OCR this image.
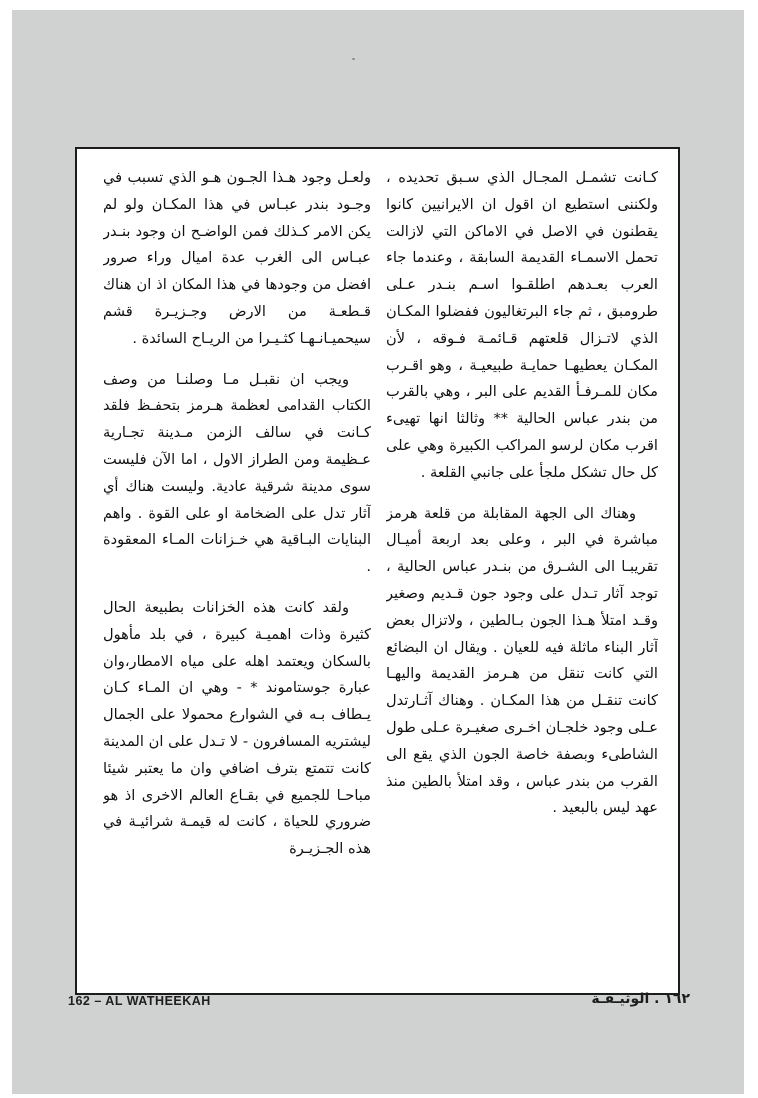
كـانت تشمـل المجـال الذي سـبق تحديده ، ولكننى استطيع ان اقول ان الايرانيين كانوا يقطنون في الاصل في الاماكن التي لازالت تحمل الاسمـاء القديمة السابقة ، وعندما جاء العرب بعـدهم اطلقـوا اسـم بنـدر عـلى طرومبق ، ثم جاء البرتغاليون ففضلوا المكـان الذي لاتـزال قلعتهم قـائمـة فـوقه ، لأن المكـان يعطيهـا حمايـة طبيعيـة ، وهو اقـرب مكان للمـرفـأ القديم على البر ، وهي بالقرب من بندر عباس الحالية ** وثالثا انها تهيىء اقرب مكان لرسو المراكب الكبيرة وهي على كل حال تشكل ملجأ على جانبي القلعة .

وهناك الى الجهة المقابلة من قلعة هرمز مباشرة في البر ، وعلى بعد اربعة أميـال تقريبـا الى الشـرق من بنـدر عباس الحالية ، توجد آثار تـدل على وجود جون قـديم وصغير وقـد امتلأ هـذا الجون بـالطين ، ولاتزال بعض آثار البناء ماثلة فيه للعيان . ويقال ان البضائع التي كانت تنقل من هـرمز القديمة واليهـا كانت تنقـل من هذا المكـان . وهناك آثـارتدل عـلى وجود خلجـان اخـرى صغيـرة عـلى طول الشاطىء وبصفة خاصة الجون الذي يقع الى القرب من بندر عباس ، وقد امتلأ بالطين منذ عهد ليس بالبعيد .

ولعـل وجود هـذا الجـون هـو الذي تسبب في وجـود بندر عبـاس في هذا المكـان ولو لم يكن الامر كـذلك فمن الواضـح ان وجود بنـدر عبـاس الى الغرب عدة اميال وراء صرور افضل من وجودها في هذا المكان اذ ان هناك قـطعـة من الارض وجـزيـرة قشم سيحميـانـهـا كثـيـرا من الريـاح السائدة .

ويجب ان نقبـل مـا وصلنـا من وصف الكتاب القدامى لعظمة هـرمز بتحفـظ فلقد كـانت في سالف الزمن مـدينة تجـارية عـظيمة ومن الطراز الاول ، اما الآن فليست سوى مدينة شرقية عادية. وليست هناك أي آثار تدل على الضخامة او على القوة . واهم البنايات البـاقية هي خـزانات المـاء المعقودة .

ولقد كانت هذه الخزانات بطبيعة الحال كثيرة وذات اهميـة كبيرة ، في بلد مأهول بالسكان ويعتمد اهله على مياه الامطار،وان عبارة جوستاموند * - وهي ان المـاء كـان يـطاف بـه في الشوارع محمولا على الجمال ليشتريه المسافرون - لا تـدل على ان المدينة كانت تتمتع بترف اضافي وان ما يعتبر شيئا مباحـا للجميع في بقـاع العالم الاخرى اذ هو ضروري للحياة ، كانت له قيمـة شرائيـة في هذه الجـزيـرة

162 – AL WATHEEKAH	١٦٢ . الوثيـقـة
